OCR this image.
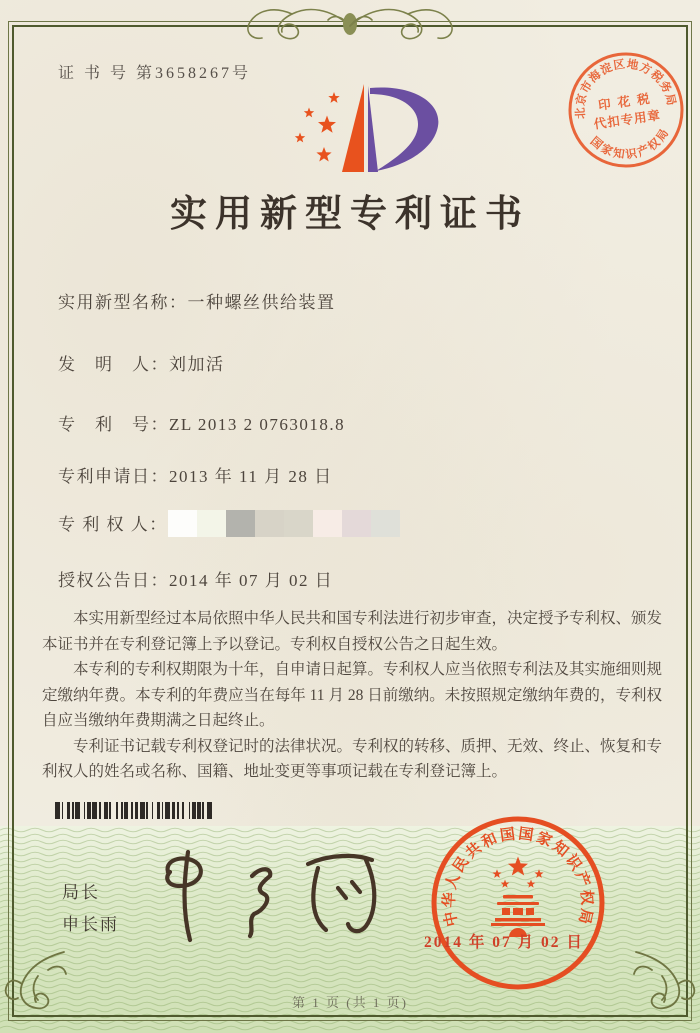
证 书 号 第3658267号
北京市海淀区地方税务局
国家知识产权局
印 花 税
代扣专用章
实用新型专利证书
实用新型名称：一种螺丝供给装置
发　明　人：刘加活
专　利　号：ZL 2013 2 0763018.8
专利申请日：2013 年 11 月 28 日
专 利 权 人：
授权公告日：2014 年 07 月 02 日

本实用新型经过本局依照中华人民共和国专利法进行初步审查，决定授予专利权、颁发本证书并在专利登记簿上予以登记。专利权自授权公告之日起生效。

本专利的专利权期限为十年，自申请日起算。专利权人应当依照专利法及其实施细则规定缴纳年费。本专利的年费应当在每年 11 月 28 日前缴纳。未按照规定缴纳年费的，专利权自应当缴纳年费期满之日起终止。

专利证书记载专利权登记时的法律状况。专利权的转移、质押、无效、终止、恢复和专利权人的姓名或名称、国籍、地址变更等事项记载在专利登记簿上。

局长
申长雨	中华人民共和国国家知识产权局
2014 年 07 月 02 日
第 1 页 (共 1 页)
